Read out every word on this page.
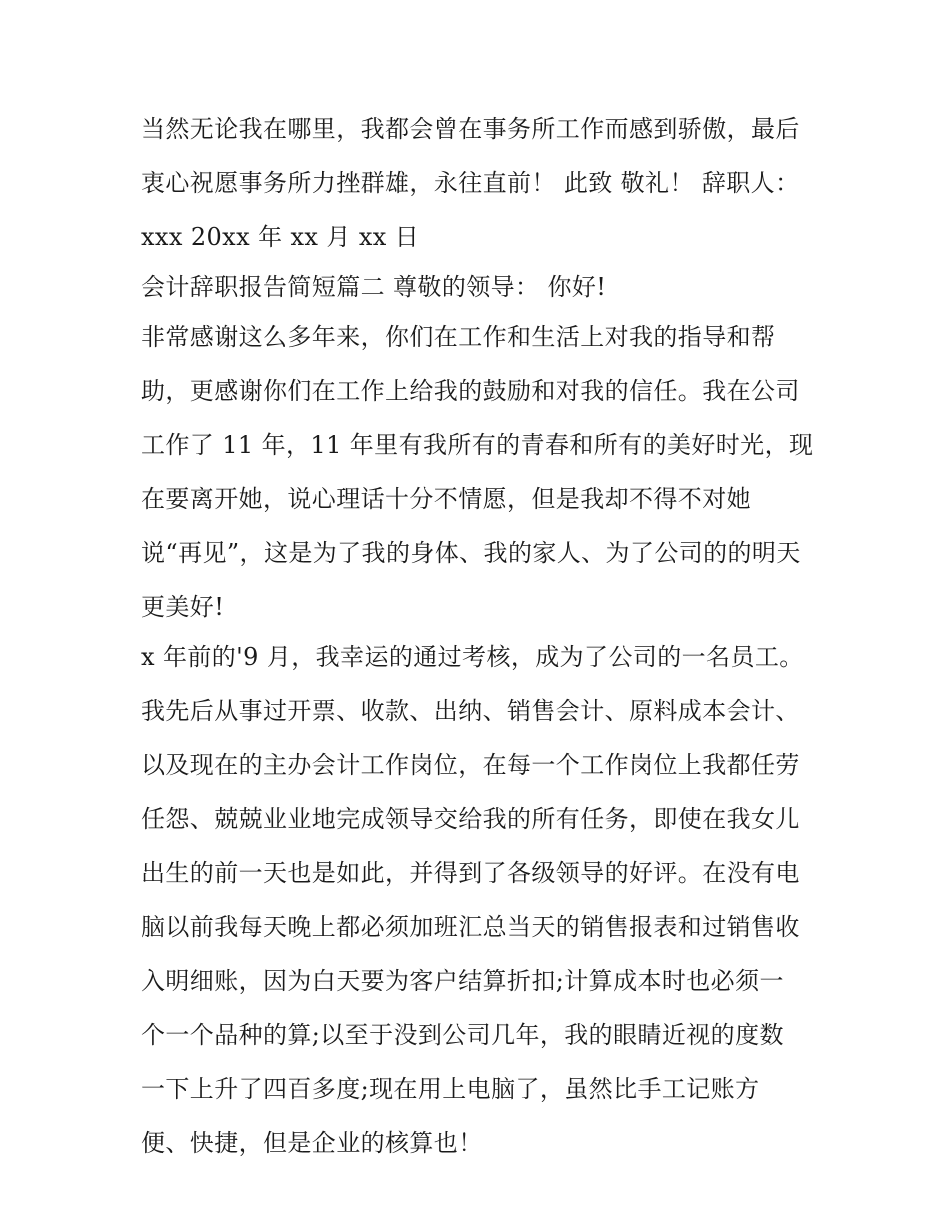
当然无论我在哪里，我都会曾在事务所工作而感到骄傲，最后
衷心祝愿事务所力挫群雄，永往直前！ 此致 敬礼！ 辞职人：
xxx 20xx 年 xx 月 xx 日
会计辞职报告简短篇二 尊敬的领导： 你好!
非常感谢这么多年来，你们在工作和生活上对我的指导和帮
助，更感谢你们在工作上给我的鼓励和对我的信任。我在公司
工作了 11 年，11 年里有我所有的青春和所有的美好时光，现
在要离开她，说心理话十分不情愿，但是我却不得不对她
说“再见”，这是为了我的身体、我的家人、为了公司的的明天
更美好!
x 年前的'9 月，我幸运的通过考核，成为了公司的一名员工。
我先后从事过开票、收款、出纳、销售会计、原料成本会计、
以及现在的主办会计工作岗位，在每一个工作岗位上我都任劳
任怨、兢兢业业地完成领导交给我的所有任务，即使在我女儿
出生的前一天也是如此，并得到了各级领导的好评。在没有电
脑以前我每天晚上都必须加班汇总当天的销售报表和过销售收
入明细账，因为白天要为客户结算折扣;计算成本时也必须一
个一个品种的算;以至于没到公司几年，我的眼睛近视的度数
一下上升了四百多度;现在用上电脑了，虽然比手工记账方
便、快捷，但是企业的核算也！
